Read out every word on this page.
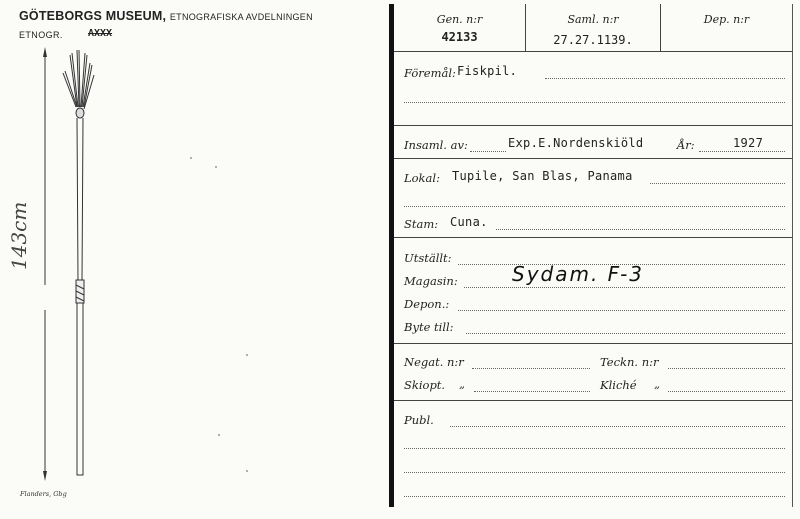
GÖTEBORGS MUSEUM, ETNOGRAFISKA AVDELNINGEN
ETNOGR.	AXXX
143cm
Flanders, Gbg
Gen. n:r
42133
Saml. n:r
27.27.1139.
Dep. n:r
Föremål: Fiskpil.
Insaml. av:	Exp.E.Nordenskiöld	År:	1927
Lokal: Tupile, San Blas, Panama
Stam: Cuna.
Utställt:
Magasin:	Sydam. F-3
Depon.:
Byte till:
Negat. n:r	Teckn. n:r
Skiopt. „	Kliché „
Publ.
